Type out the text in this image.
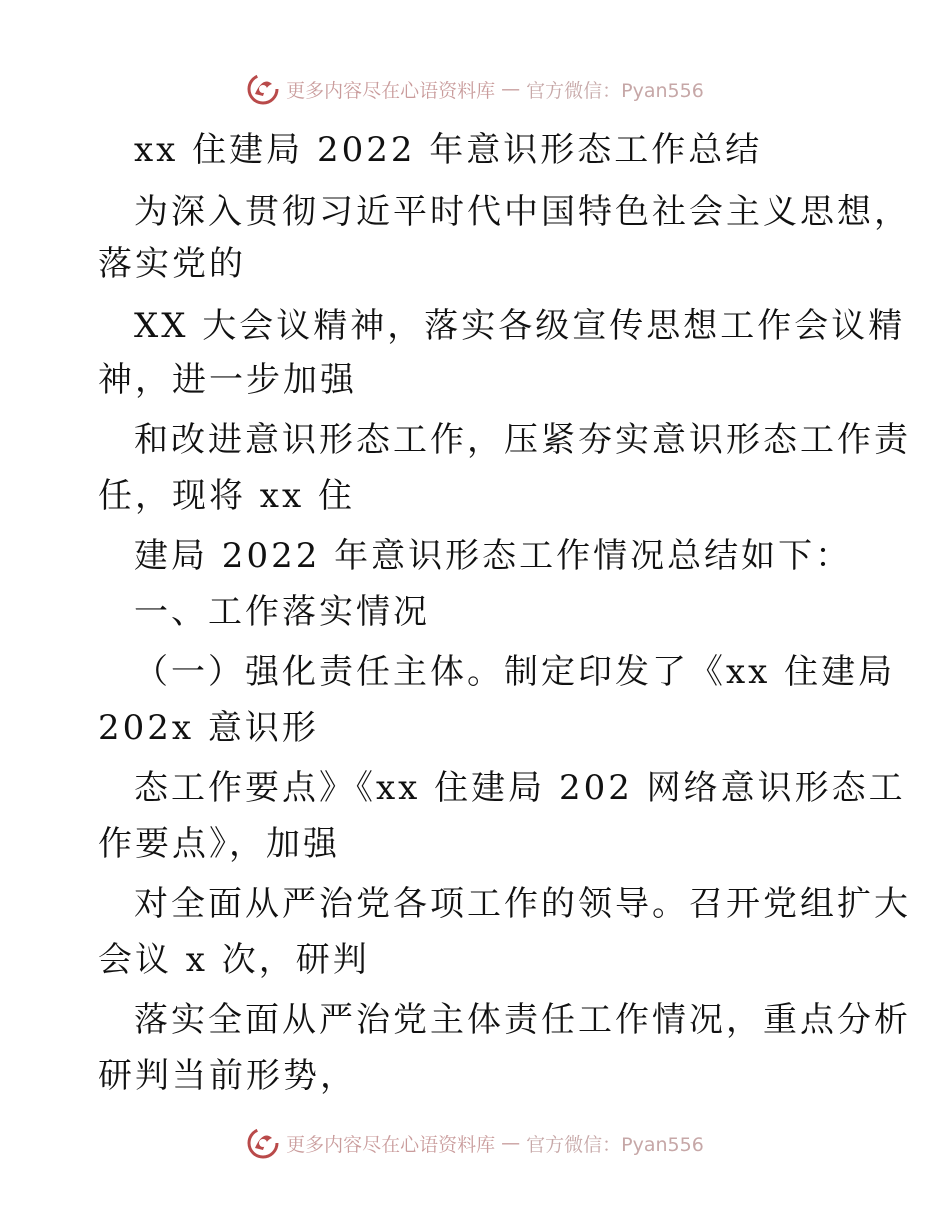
更多内容尽在心语资料库 — 官方微信：Pyan556
xx 住建局 2022 年意识形态工作总结
为深入贯彻习近平时代中国特色社会主义思想，
落实党的
XX 大会议精神，落实各级宣传思想工作会议精
神，进一步加强
和改进意识形态工作，压紧夯实意识形态工作责
任，现将 xx 住
建局 2022 年意识形态工作情况总结如下：
一、工作落实情况
（一）强化责任主体。制定印发了《xx 住建局
202x 意识形
态工作要点》《xx 住建局 202 网络意识形态工
作要点》，加强
对全面从严治党各项工作的领导。召开党组扩大
会议 x 次，研判
落实全面从严治党主体责任工作情况，重点分析
研判当前形势，
更多内容尽在心语资料库 — 官方微信：Pyan556
